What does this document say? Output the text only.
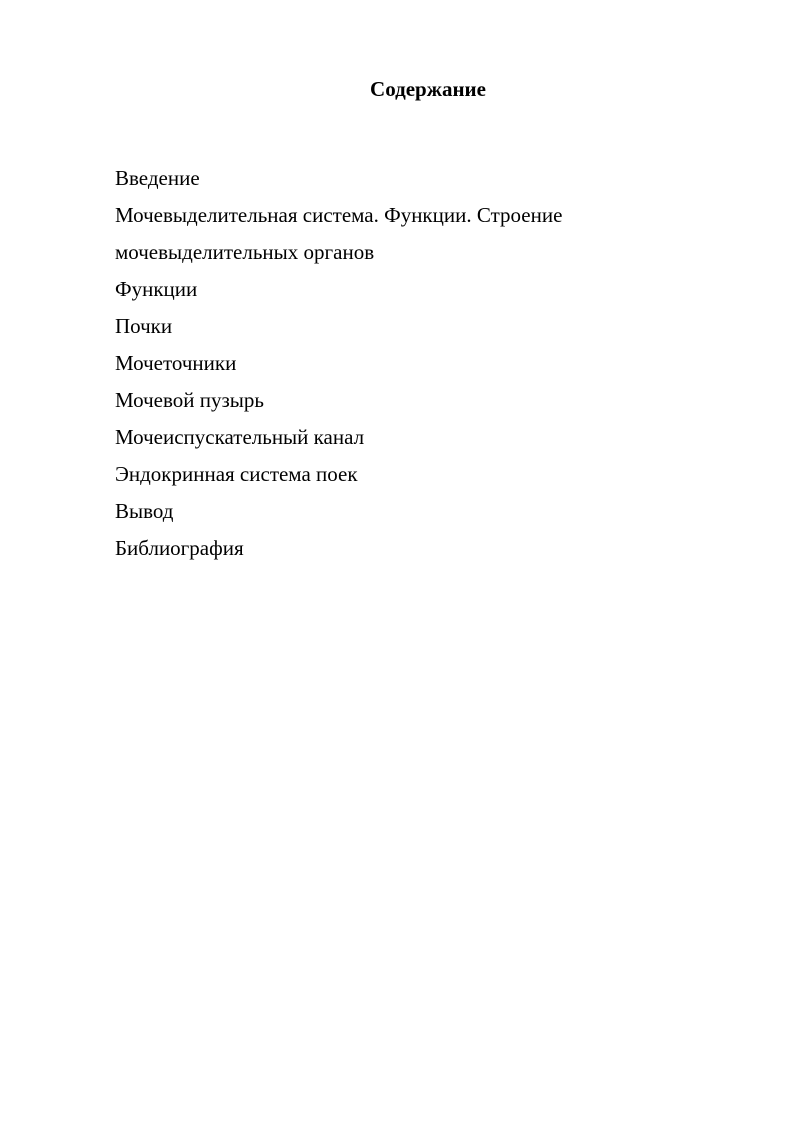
Содержание
Введение
Мочевыделительная система. Функции. Строение
мочевыделительных органов
Функции
Почки
Мочеточники
Мочевой пузырь
Мочеиспускательный канал
Эндокринная система поек
Вывод
Библиография
